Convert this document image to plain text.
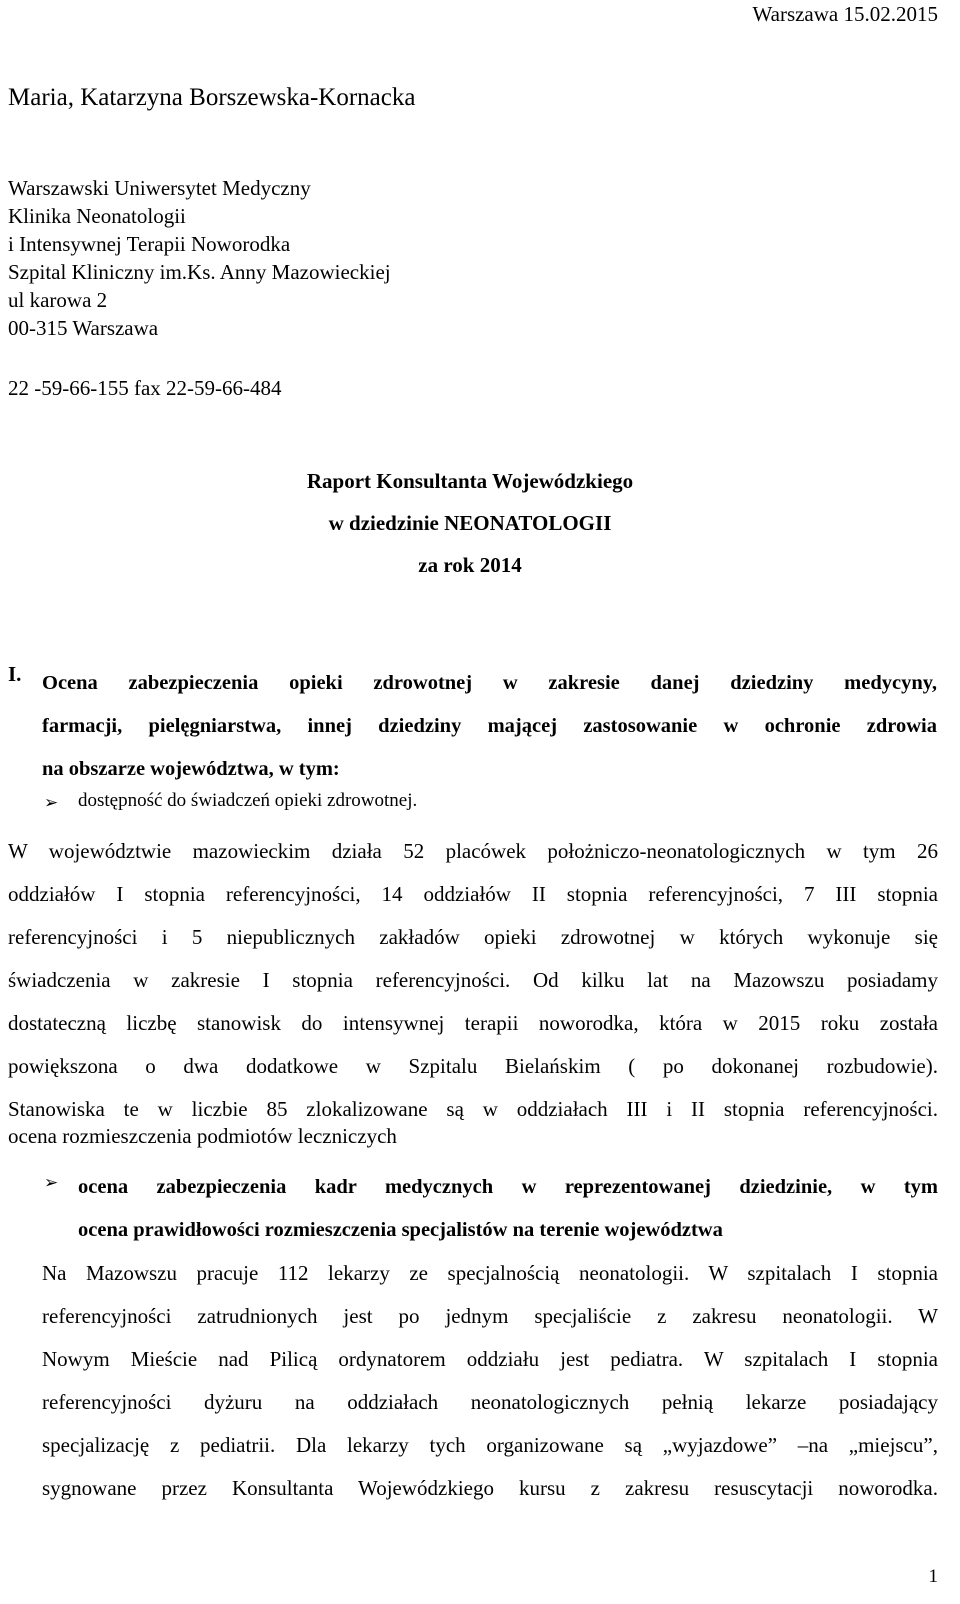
Warszawa 15.02.2015
Maria, Katarzyna Borszewska-Kornacka
Warszawski Uniwersytet Medyczny
Klinika Neonatologii
i Intensywnej Terapii Noworodka
Szpital Kliniczny im.Ks. Anny Mazowieckiej
ul karowa 2
00-315 Warszawa
22 -59-66-155 fax 22-59-66-484
Raport Konsultanta Wojewódzkiego
w dziedzinie NEONATOLOGII
za rok 2014
I. Ocena zabezpieczenia opieki zdrowotnej w zakresie danej dziedziny medycyny,
farmacji, pielęgniarstwa, innej dziedziny mającej zastosowanie w ochronie zdrowia
na obszarze województwa, w tym:
➢ dostępność do świadczeń opieki zdrowotnej.
W województwie mazowieckim działa 52 placówek położniczo-neonatologicznych w tym 26
oddziałów I stopnia referencyjności, 14 oddziałów II stopnia referencyjności, 7 III stopnia
referencyjności i 5 niepublicznych zakładów opieki zdrowotnej w których wykonuje się
świadczenia w zakresie I stopnia referencyjności. Od kilku lat na Mazowszu posiadamy
dostateczną liczbę stanowisk do intensywnej terapii noworodka, która w 2015 roku została
powiększona o dwa dodatkowe w Szpitalu Bielańskim ( po dokonanej rozbudowie).
Stanowiska te w liczbie 85 zlokalizowane są w oddziałach III i II stopnia referencyjności.
ocena rozmieszczenia podmiotów leczniczych
➢ ocena zabezpieczenia kadr medycznych w reprezentowanej dziedzinie, w tym
ocena prawidłowości rozmieszczenia specjalistów na terenie województwa
Na Mazowszu pracuje 112 lekarzy ze specjalnością neonatologii. W szpitalach I stopnia
referencyjności zatrudnionych jest po jednym specjaliście z zakresu neonatologii. W
Nowym Mieście nad Pilicą ordynatorem oddziału jest pediatra. W szpitalach I stopnia
referencyjności dyżuru na oddziałach neonatologicznych pełnią lekarze posiadający
specjalizację z pediatrii. Dla lekarzy tych organizowane są „wyjazdowe” –na „miejscu”,
sygnowane przez Konsultanta Wojewódzkiego kursu z zakresu resuscytacji noworodka.
1
